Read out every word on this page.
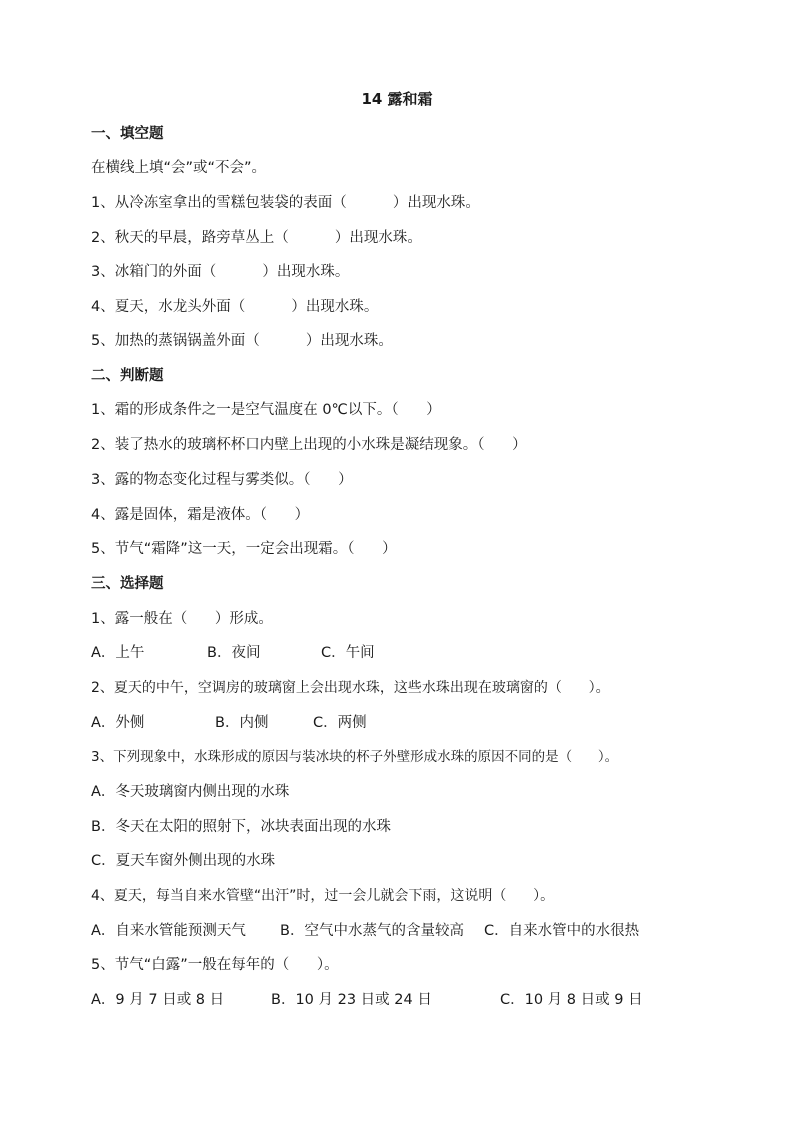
14 露和霜
一、填空题
在横线上填“会”或“不会”。
1、从冷冻室拿出的雪糕包装袋的表面（          ）出现水珠。
2、秋天的早晨，路旁草丛上（          ）出现水珠。
3、冰箱门的外面（          ）出现水珠。
4、夏天，水龙头外面（          ）出现水珠。
5、加热的蒸锅锅盖外面（          ）出现水珠。
二、判断题
1、霜的形成条件之一是空气温度在 0℃以下。（      ）
2、装了热水的玻璃杯杯口内壁上出现的小水珠是凝结现象。（      ）
3、露的物态变化过程与雾类似。（      ）
4、露是固体，霜是液体。（      ）
5、节气“霜降”这一天，一定会出现霜。（      ）
三、选择题
1、露一般在（      ）形成。
A．上午	B．夜间	C．午间
2、夏天的中午，空调房的玻璃窗上会出现水珠，这些水珠出现在玻璃窗的（      ）。
A．外侧	B．内侧	C．两侧
3、下列现象中，水珠形成的原因与装冰块的杯子外壁形成水珠的原因不同的是（      ）。
A．冬天玻璃窗内侧出现的水珠
B．冬天在太阳的照射下，冰块表面出现的水珠
C．夏天车窗外侧出现的水珠
4、夏天，每当自来水管壁“出汗”时，过一会儿就会下雨，这说明（      ）。
A．自来水管能预测天气 B．空气中水蒸气的含量较高 C．自来水管中的水很热
5、节气“白露”一般在每年的（      ）。
A．9 月 7 日或 8 日	B．10 月 23 日或 24 日	C．10 月 8 日或 9 日
